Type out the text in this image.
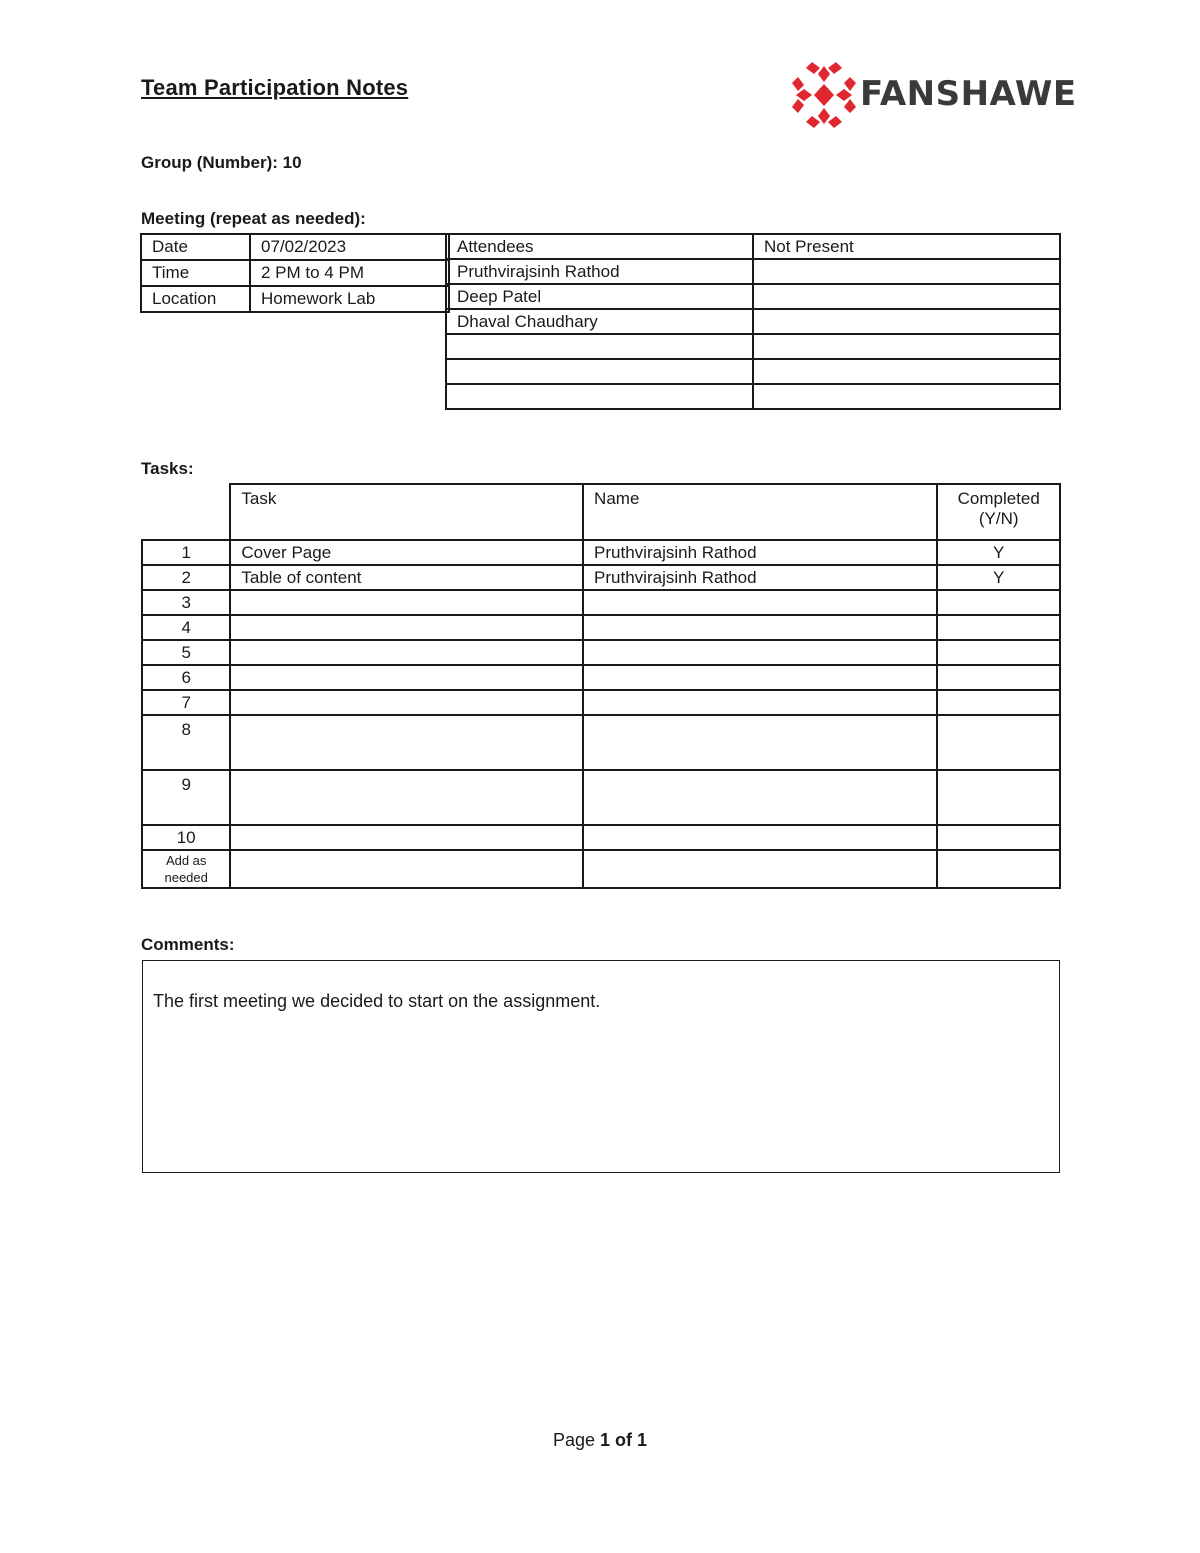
Team Participation Notes	FANSHAWE
Group (Number): 10
Meeting (repeat as needed):
Date	07/02/2023
Time	2 PM to 4 PM
Location	Homework Lab
Attendees	Not Present
Pruthvirajsinh Rathod	
Deep Patel	
Dhaval Chaudhary	

Tasks:
	Task	Name	Completed
(Y/N)

1	Cover Page	Pruthvirajsinh Rathod	Y
2	Table of content	Pruthvirajsinh Rathod	Y
3			
4			
5			
6			
7			
8			
9			
10			

Add as
needed			

Comments:
The first meeting we decided to start on the assignment.
Page 1 of 1
